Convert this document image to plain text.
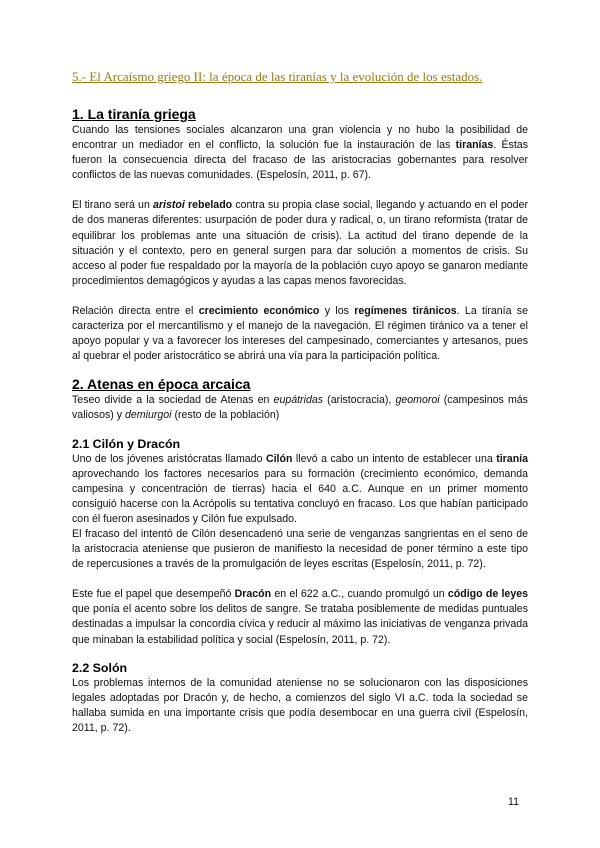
5.- El Arcaísmo griego II: la época de las tiranías y la evolución de los estados.
1. La tiranía griega

Cuando las tensiones sociales alcanzaron una gran violencia y no hubo la posibilidad de encontrar un mediador en el conflicto, la solución fue la instauración de las tiranías. Éstas fueron la consecuencia directa del fracaso de las aristocracias gobernantes para resolver conflictos de las nuevas comunidades. (Espelosín, 2011, p. 67).

El tirano será un aristoi rebelado contra su propia clase social, llegando y actuando en el poder de dos maneras diferentes: usurpación de poder dura y radical, o, un tirano reformista (tratar de equilibrar los problemas ante una situación de crisis). La actitud del tirano depende de la situación y el contexto, pero en general surgen para dar solución a momentos de crisis. Su acceso al poder fue respaldado por la mayoría de la población cuyo apoyo se ganaron mediante procedimientos demagógicos y ayudas a las capas menos favorecidas.

Relación directa entre el crecimiento económico y los regímenes tiránicos. La tiranía se caracteriza por el mercantilismo y el manejo de la navegación. El régimen tiránico va a tener el apoyo popular y va a favorecer los intereses del campesinado, comerciantes y artesanos, pues al quebrar el poder aristocrático se abrirá una vía para la participación política.

2. Atenas en época arcaica

Teseo divide a la sociedad de Atenas en eupátridas (aristocracia), geomoroi (campesinos más valiosos) y demiurgoi (resto de la población)

2.1 Cilón y Dracón

Uno de los jóvenes aristócratas llamado Cilón llevó a cabo un intento de establecer una tiranía aprovechando los factores necesarios para su formación (crecimiento económico, demanda campesina y concentración de tierras) hacia el 640 a.C. Aunque en un primer momento consiguió hacerse con la Acrópolis su tentativa concluyó en fracaso. Los que habían participado con él fueron asesinados y Cilón fue expulsado.

El fracaso del intentó de Cilón desencadenó una serie de venganzas sangrientas en el seno de la aristocracia ateniense que pusieron de manifiesto la necesidad de poner término a este tipo de repercusiones a través de la promulgación de leyes escritas (Espelosín, 2011, p. 72).

Este fue el papel que desempeñó Dracón en el 622 a.C., cuando promulgó un código de leyes que ponía el acento sobre los delitos de sangre. Se trataba posiblemente de medidas puntuales destinadas a impulsar la concordia cívica y reducir al máximo las iniciativas de venganza privada que minaban la estabilidad política y social (Espelosín, 2011, p. 72).

2.2 Solón

Los problemas internos de la comunidad ateniense no se solucionaron con las disposiciones legales adoptadas por Dracón y, de hecho, a comienzos del siglo VI a.C. toda la sociedad se hallaba sumida en una importante crisis que podía desembocar en una guerra civil (Espelosín, 2011, p. 72).

11
